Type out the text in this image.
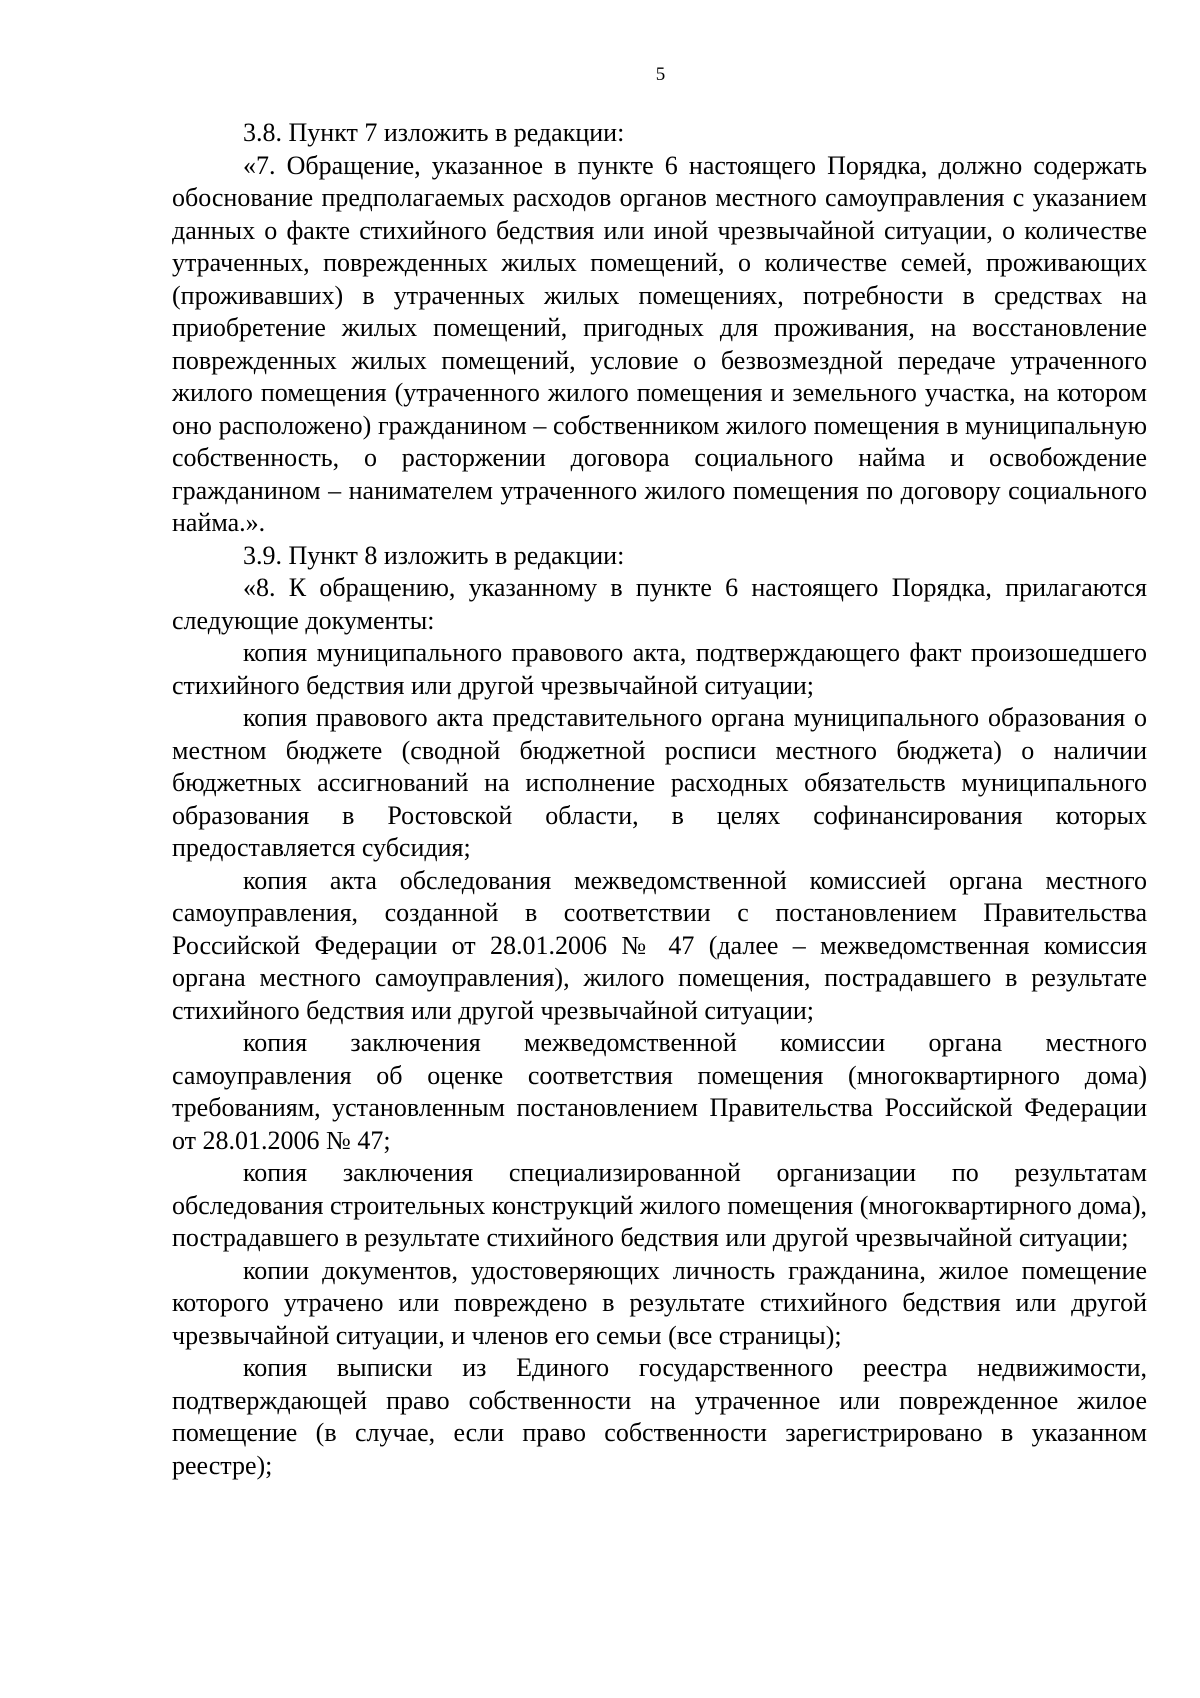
5

3.8. Пункт 7 изложить в редакции:

«7. Обращение, указанное в пункте 6 настоящего Порядка, должно содержать обоснование предполагаемых расходов органов местного самоуправления с указанием данных о факте стихийного бедствия или иной чрезвычайной ситуации, о количестве утраченных, поврежденных жилых помещений, о количестве семей, проживающих (проживавших) в утраченных жилых помещениях, потребности в средствах на приобретение жилых помещений, пригодных для проживания, на восстановление поврежденных жилых помещений, условие о безвозмездной передаче утраченного жилого помещения (утраченного жилого помещения и земельного участка, на котором оно расположено) гражданином – собственником жилого помещения в муниципальную собственность, о расторжении договора социального найма и освобождение гражданином – нанимателем утраченного жилого помещения по договору социального найма.».

3.9. Пункт 8 изложить в редакции:

«8. К обращению, указанному в пункте 6 настоящего Порядка, прилагаются следующие документы:

копия муниципального правового акта, подтверждающего факт произошедшего стихийного бедствия или другой чрезвычайной ситуации;

копия правового акта представительного органа муниципального образования о местном бюджете (сводной бюджетной росписи местного бюджета) о наличии бюджетных ассигнований на исполнение расходных обязательств муниципального образования в Ростовской области, в целях софинансирования которых предоставляется субсидия;

копия акта обследования межведомственной комиссией органа местного самоуправления, созданной в соответствии с постановлением Правительства Российской Федерации от 28.01.2006 № 47 (далее – межведомственная комиссия органа местного самоуправления), жилого помещения, пострадавшего в результате стихийного бедствия или другой чрезвычайной ситуации;

копия заключения межведомственной комиссии органа местного самоуправления об оценке соответствия помещения (многоквартирного дома) требованиям, установленным постановлением Правительства Российской Федерации от 28.01.2006 № 47;

копия заключения специализированной организации по результатам обследования строительных конструкций жилого помещения (многоквартирного дома), пострадавшего в результате стихийного бедствия или другой чрезвычайной ситуации;

копии документов, удостоверяющих личность гражданина, жилое помещение которого утрачено или повреждено в результате стихийного бедствия или другой чрезвычайной ситуации, и членов его семьи (все страницы);

копия выписки из Единого государственного реестра недвижимости, подтверждающей право собственности на утраченное или поврежденное жилое помещение (в случае, если право собственности зарегистрировано в указанном реестре);
